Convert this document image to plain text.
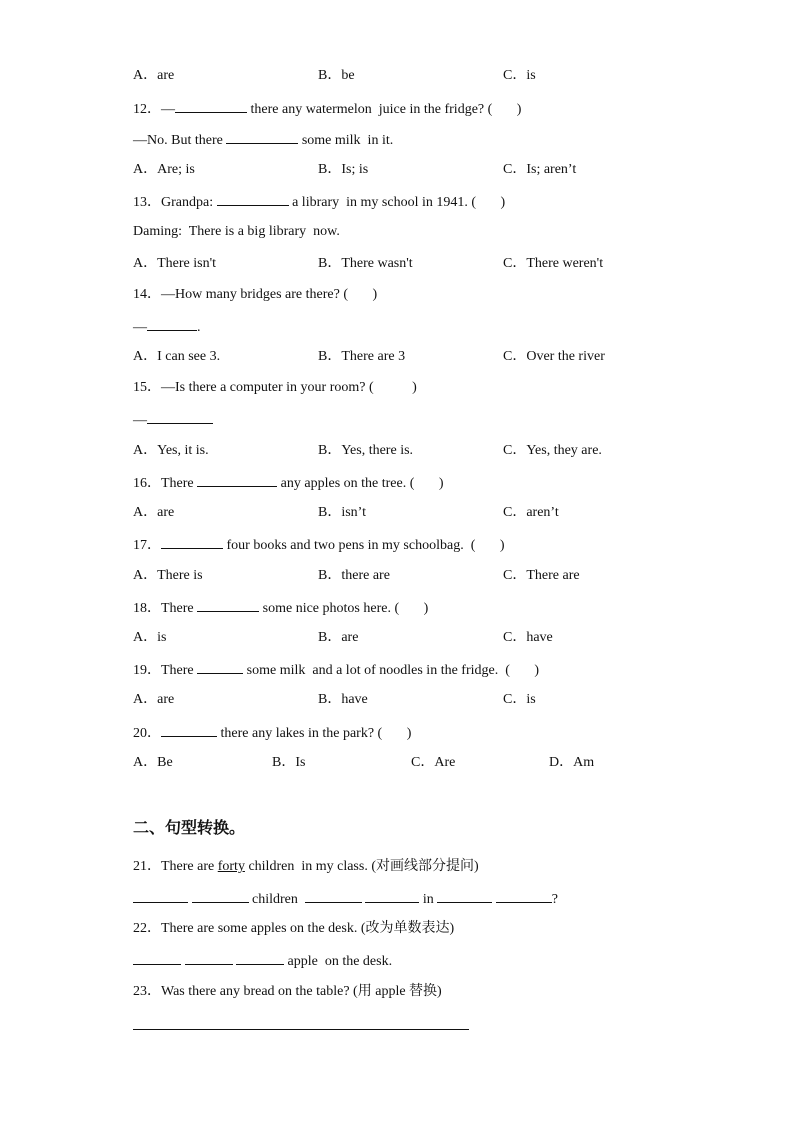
A．are	B．be	C．is
12．—	there any watermelon  juice in the fridge? (       )
—No. But there	some milk  in it.
A．Are; is	B．Is; is	C．Is; aren’t
13．Grandpa:	a library  in my school in 1941. (       )
Daming:  There is a big library  now.
A．There isn't	B．There wasn't	C．There weren't
14．—How many bridges are there? (       )
—	.
A．I can see 3.	B．There are 3	C．Over the river
15．—Is there a computer in your room? (           )
—
A．Yes, it is.	B．Yes, there is.	C．Yes, they are.
16．There	any apples on the tree. (       )
A．are	B．isn’t	C．aren’t
17．	four books and two pens in my schoolbag.  (       )
A．There is	B．there are	C．There are
18．There	some nice photos here. (       )
A．is	B．are	C．have
19．There	some milk  and a lot of noodles in the fridge.  (       )
A．are	B．have	C．is
20．	there any lakes in the park? (       )
A．Be	B．Is	C．Are	D．Am
二、句型转换。
21．There are forty children  in my class. (对画线部分提问)
children	in	?
22．There are some apples on the desk. (改为单数表达)
apple  on the desk.
23．Was there any bread on the table? (用 apple 替换)
